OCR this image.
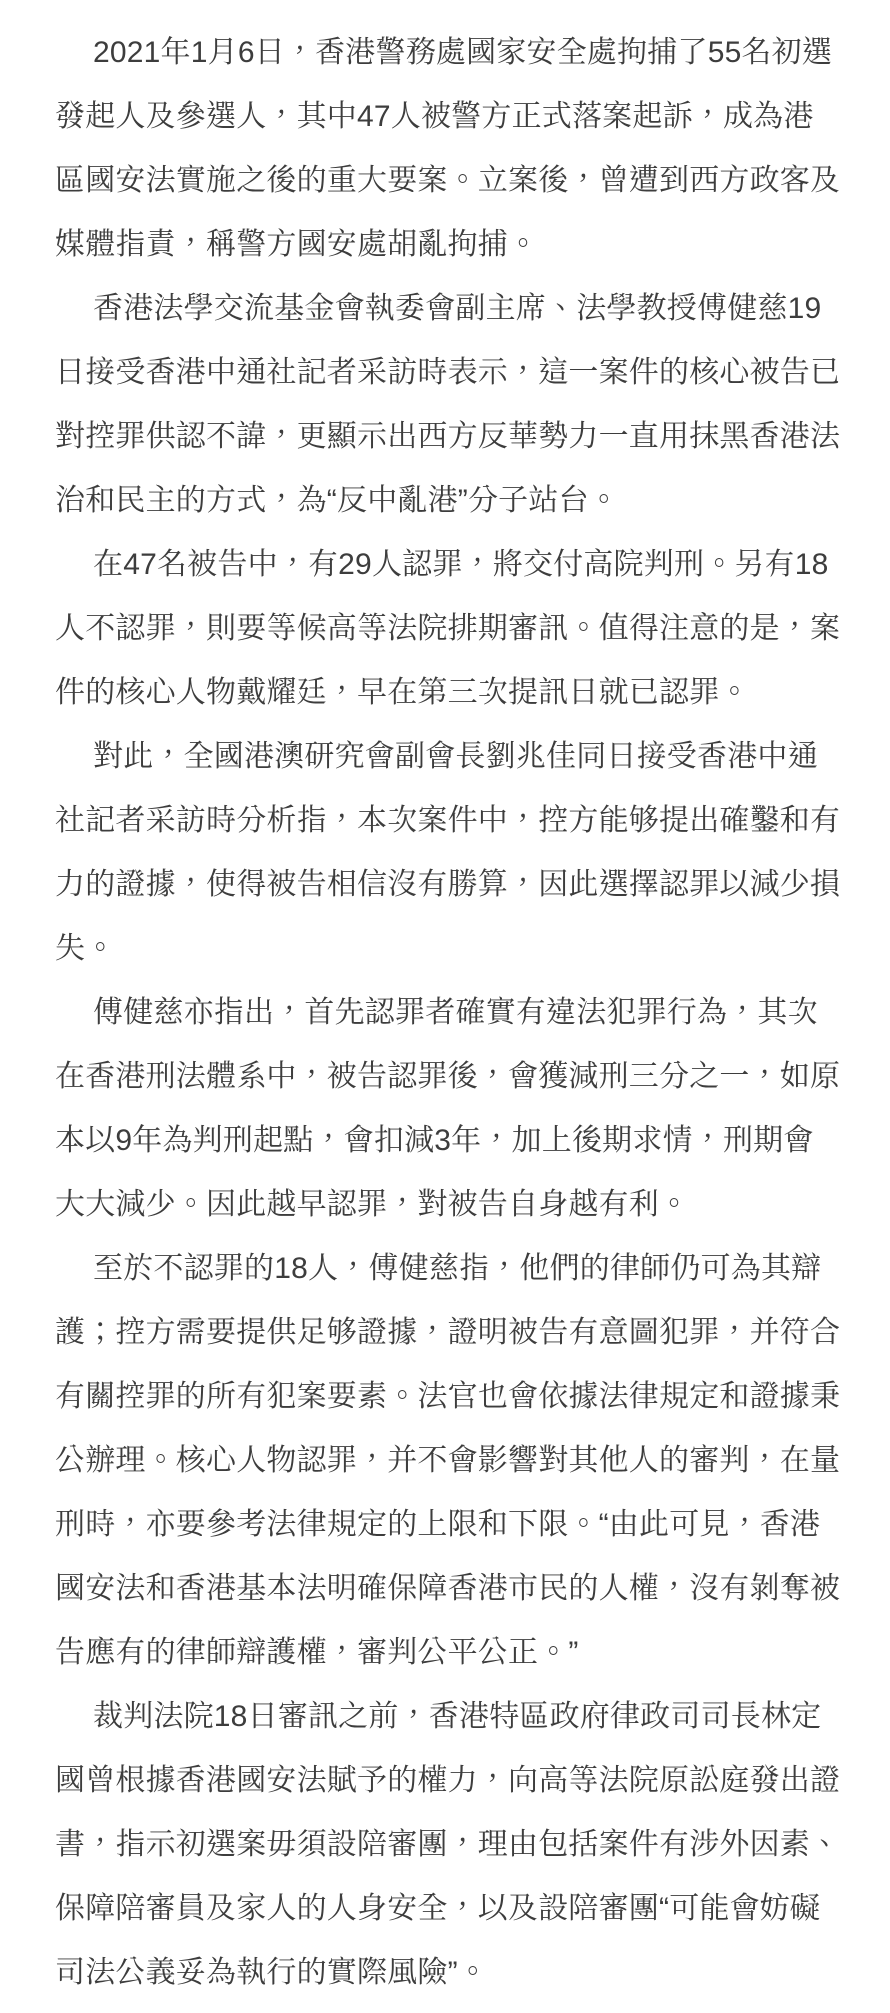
2021年1月6日，香港警務處國家安全處拘捕了55名初選
發起人及參選人，其中47人被警方正式落案起訴，成為港
區國安法實施之後的重大要案。立案後，曾遭到西方政客及
媒體指責，稱警方國安處胡亂拘捕。

香港法學交流基金會執委會副主席、法學教授傅健慈19
日接受香港中通社記者采訪時表示，這一案件的核心被告已
對控罪供認不諱，更顯示出西方反華勢力一直用抹黑香港法
治和民主的方式，為“反中亂港”分子站台。

在47名被告中，有29人認罪，將交付高院判刑。另有18
人不認罪，則要等候高等法院排期審訊。值得注意的是，案
件的核心人物戴耀廷，早在第三次提訊日就已認罪。

對此，全國港澳研究會副會長劉兆佳同日接受香港中通
社記者采訪時分析指，本次案件中，控方能够提出確鑿和有
力的證據，使得被告相信沒有勝算，因此選擇認罪以減少損
失。

傅健慈亦指出，首先認罪者確實有違法犯罪行為，其次
在香港刑法體系中，被告認罪後，會獲減刑三分之一，如原
本以9年為判刑起點，會扣減3年，加上後期求情，刑期會
大大減少。因此越早認罪，對被告自身越有利。

至於不認罪的18人，傅健慈指，他們的律師仍可為其辯
護；控方需要提供足够證據，證明被告有意圖犯罪，并符合
有關控罪的所有犯案要素。法官也會依據法律規定和證據秉
公辦理。核心人物認罪，并不會影響對其他人的審判，在量
刑時，亦要參考法律規定的上限和下限。“由此可見，香港
國安法和香港基本法明確保障香港市民的人權，沒有剝奪被
告應有的律師辯護權，審判公平公正。”

裁判法院18日審訊之前，香港特區政府律政司司長林定
國曾根據香港國安法賦予的權力，向高等法院原訟庭發出證
書，指示初選案毋須設陪審團，理由包括案件有涉外因素、
保障陪審員及家人的人身安全，以及設陪審團“可能會妨礙
司法公義妥為執行的實際風險”。
